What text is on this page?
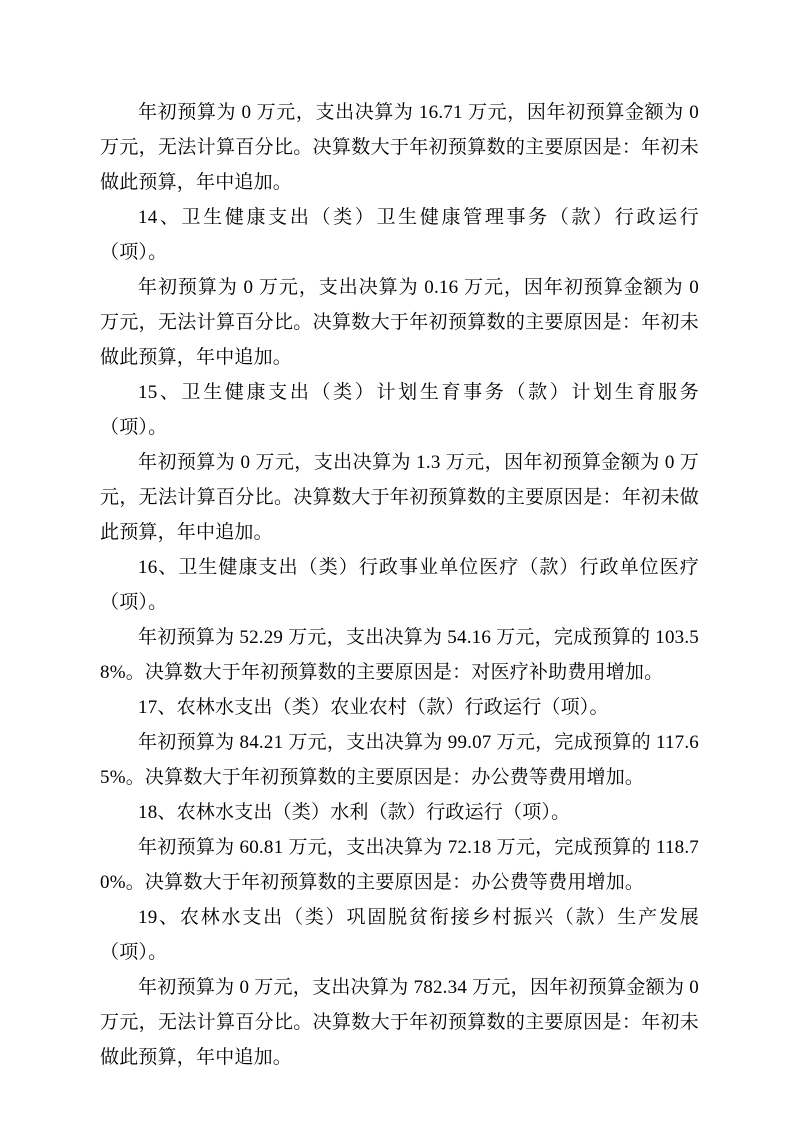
年初预算为 0 万元，支出决算为 16.71 万元，因年初预算金额为 0 万元，无法计算百分比。决算数大于年初预算数的主要原因是：年初未做此预算，年中追加。

14、卫生健康支出（类）卫生健康管理事务（款）行政运行（项）。

年初预算为 0 万元，支出决算为 0.16 万元，因年初预算金额为 0 万元，无法计算百分比。决算数大于年初预算数的主要原因是：年初未做此预算，年中追加。

15、卫生健康支出（类）计划生育事务（款）计划生育服务（项）。

年初预算为 0 万元，支出决算为 1.3 万元，因年初预算金额为 0 万元，无法计算百分比。决算数大于年初预算数的主要原因是：年初未做此预算，年中追加。

16、卫生健康支出（类）行政事业单位医疗（款）行政单位医疗（项）。

年初预算为 52.29 万元，支出决算为 54.16 万元，完成预算的 103.58%。决算数大于年初预算数的主要原因是：对医疗补助费用增加。

17、农林水支出（类）农业农村（款）行政运行（项）。

年初预算为 84.21 万元，支出决算为 99.07 万元，完成预算的 117.65%。决算数大于年初预算数的主要原因是：办公费等费用增加。

18、农林水支出（类）水利（款）行政运行（项）。

年初预算为 60.81 万元，支出决算为 72.18 万元，完成预算的 118.70%。决算数大于年初预算数的主要原因是：办公费等费用增加。

19、农林水支出（类）巩固脱贫衔接乡村振兴（款）生产发展（项）。

年初预算为 0 万元，支出决算为 782.34 万元，因年初预算金额为 0 万元，无法计算百分比。决算数大于年初预算数的主要原因是：年初未做此预算，年中追加。
